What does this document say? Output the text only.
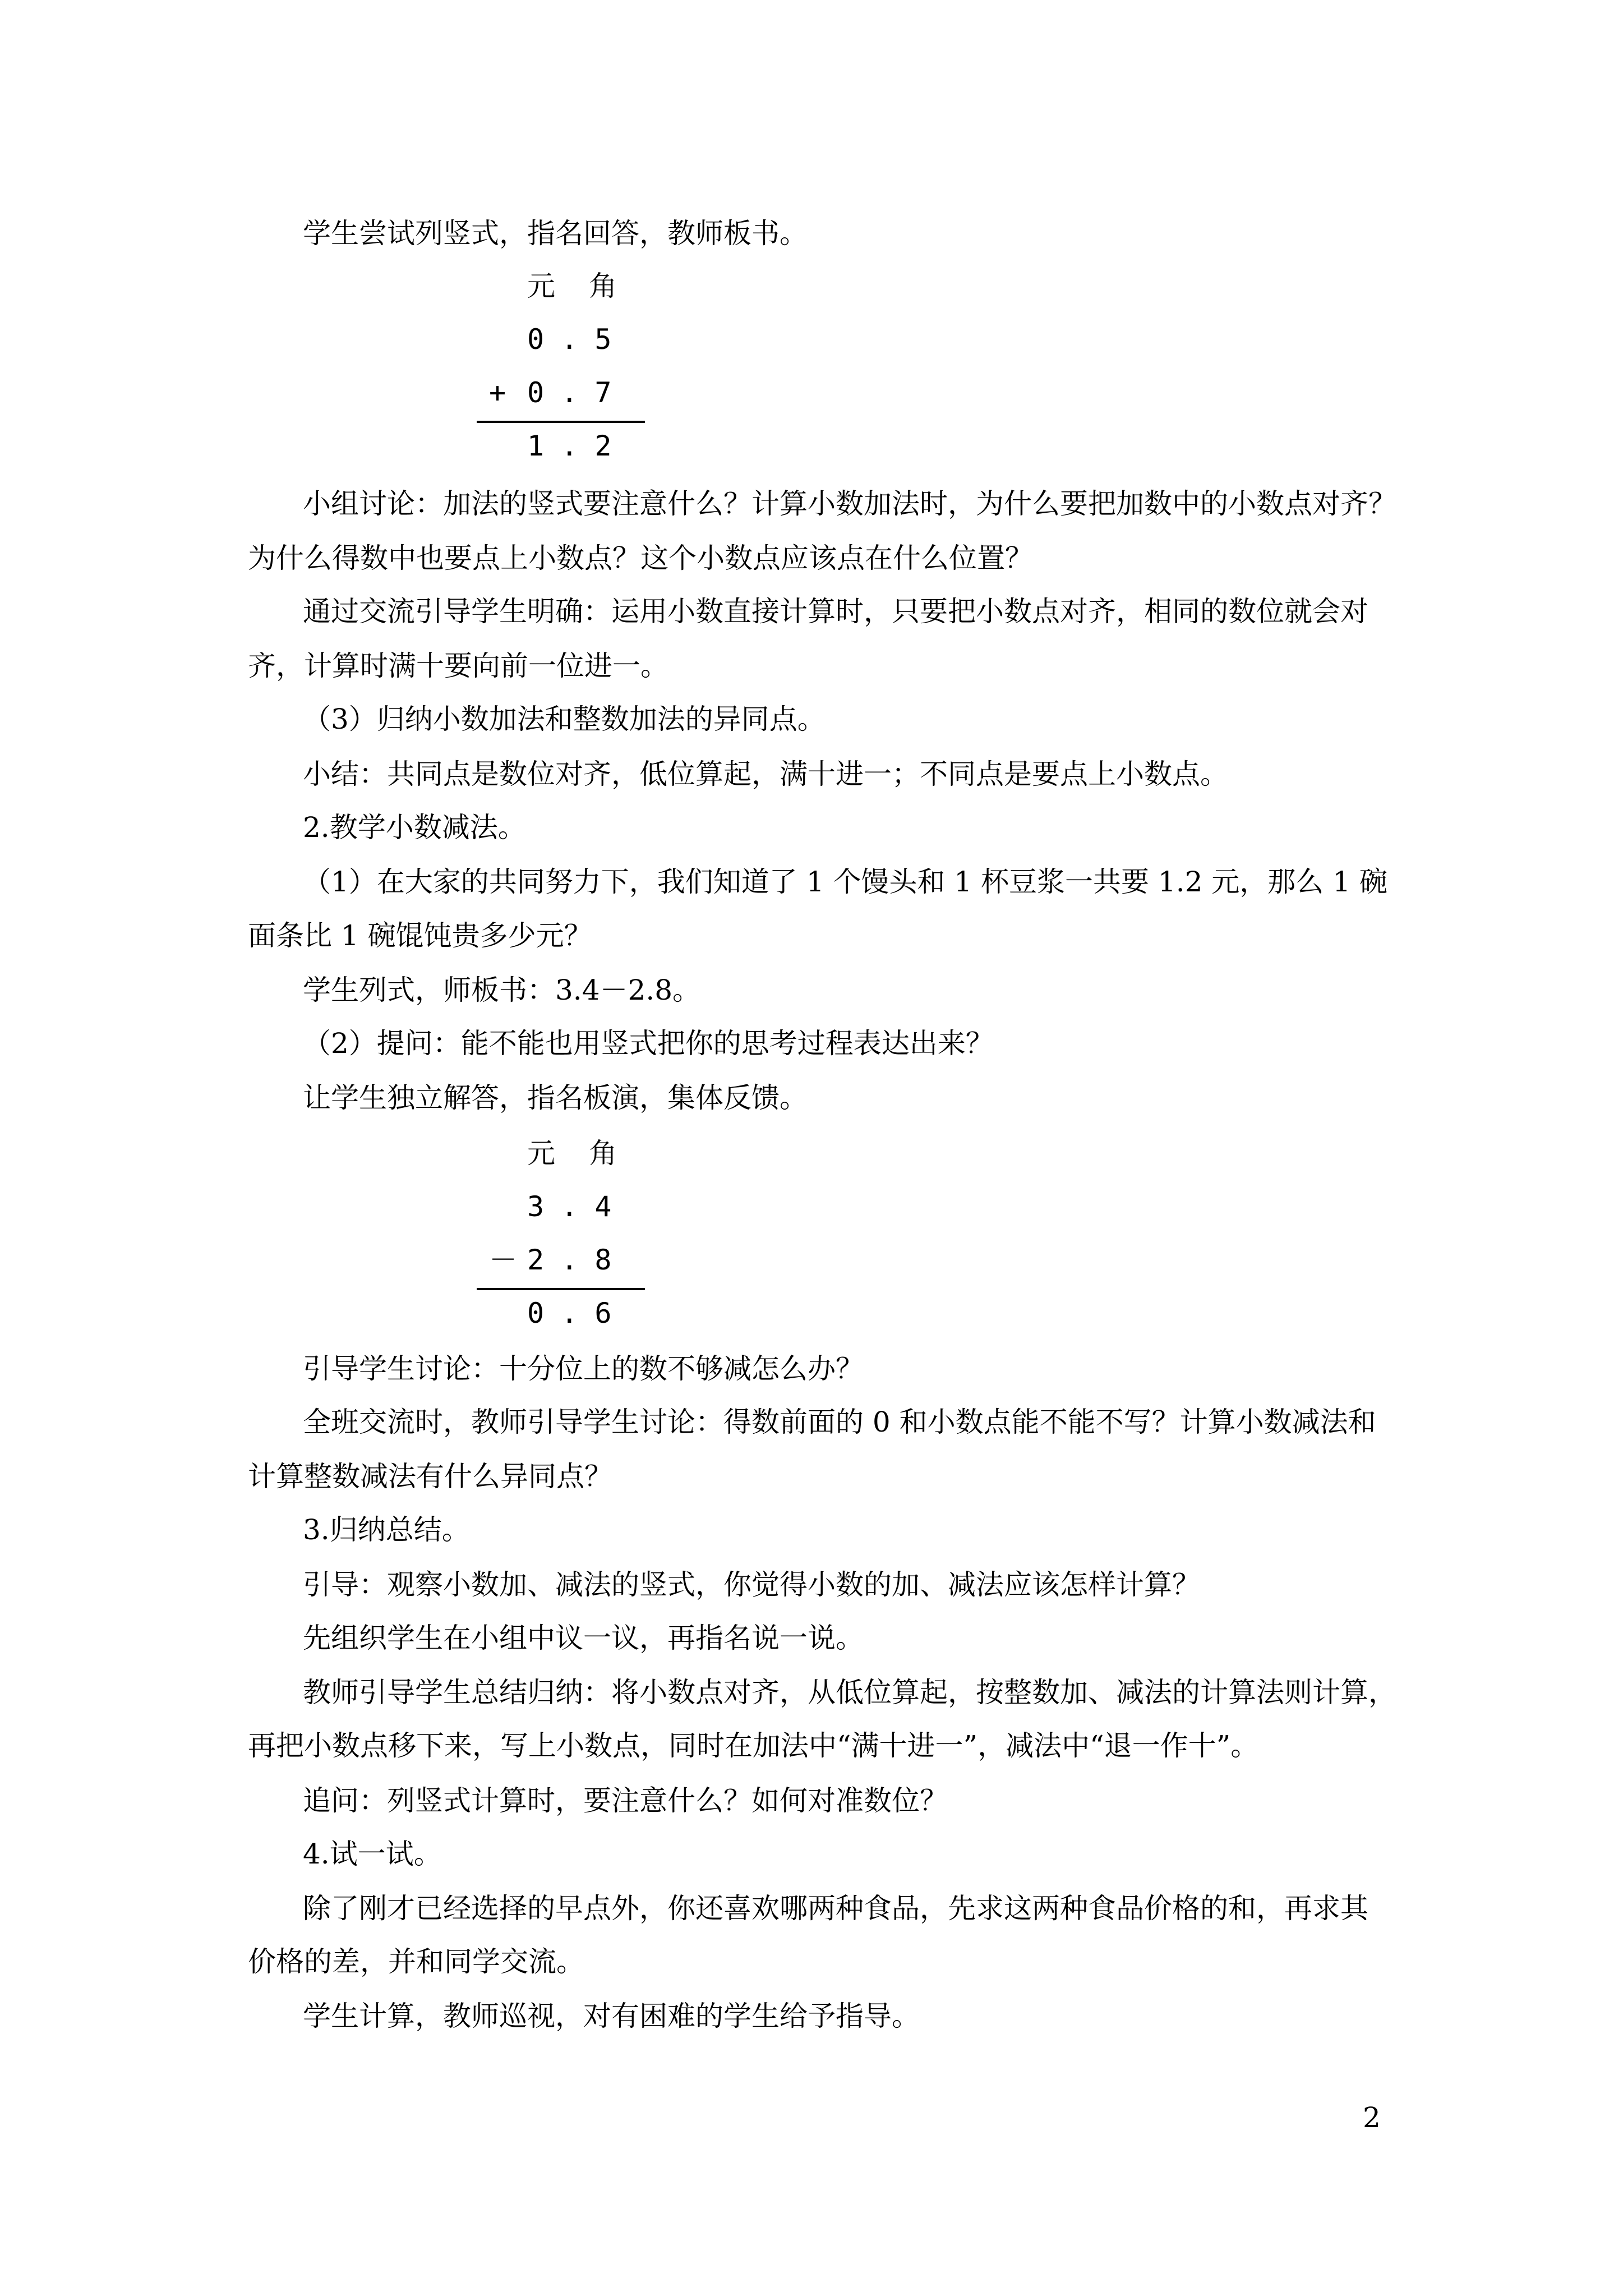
学生尝试列竖式，指名回答，教师板书。
元  角
0 . 5
+ 0 . 7
1 . 2
小组讨论：加法的竖式要注意什么？计算小数加法时，为什么要把加数中的小数点对齐？
为什么得数中也要点上小数点？这个小数点应该点在什么位置？
通过交流引导学生明确：运用小数直接计算时，只要把小数点对齐，相同的数位就会对
齐，计算时满十要向前一位进一。
（3）归纳小数加法和整数加法的异同点。
小结：共同点是数位对齐，低位算起，满十进一；不同点是要点上小数点。
2.教学小数减法。
（1）在大家的共同努力下，我们知道了 1 个馒头和 1 杯豆浆一共要 1.2 元，那么 1 碗
面条比 1 碗馄饨贵多少元？
学生列式，师板书：3.4－2.8。
（2）提问：能不能也用竖式把你的思考过程表达出来？
让学生独立解答，指名板演，集体反馈。
元  角
3 . 4
－ 2 . 8
0 . 6
引导学生讨论：十分位上的数不够减怎么办？
全班交流时，教师引导学生讨论：得数前面的 0 和小数点能不能不写？计算小数减法和
计算整数减法有什么异同点？
3.归纳总结。
引导：观察小数加、减法的竖式，你觉得小数的加、减法应该怎样计算？
先组织学生在小组中议一议，再指名说一说。
教师引导学生总结归纳：将小数点对齐，从低位算起，按整数加、减法的计算法则计算，
再把小数点移下来，写上小数点，同时在加法中“满十进一”，减法中“退一作十”。
追问：列竖式计算时，要注意什么？如何对准数位？
4.试一试。
除了刚才已经选择的早点外，你还喜欢哪两种食品，先求这两种食品价格的和，再求其
价格的差，并和同学交流。
学生计算，教师巡视，对有困难的学生给予指导。
2
